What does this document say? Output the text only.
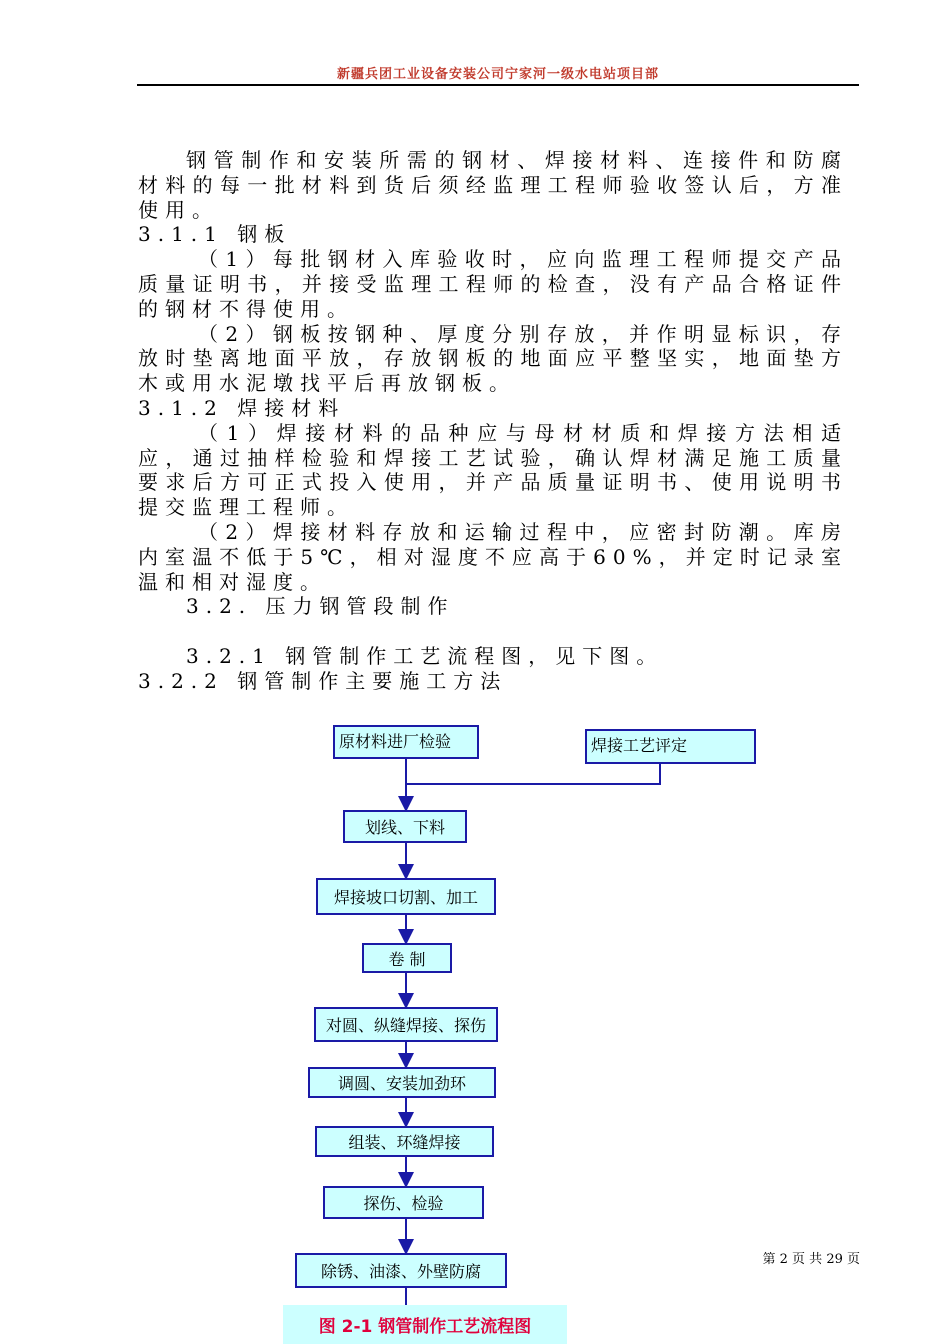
新疆兵团工业设备安装公司宁家河一级水电站项目部

钢管制作和安装所需的钢材、焊接材料、连接件和防腐材料的每一批材料到货后须经监理工程师验收签认后，方准使用。

3.1.1 钢板

（1）每批钢材入库验收时，应向监理工程师提交产品质量证明书，并接受监理工程师的检查，没有产品合格证件的钢材不得使用。

（2）钢板按钢种、厚度分别存放，并作明显标识，存放时垫离地面平放，存放钢板的地面应平整坚实，地面垫方木或用水泥墩找平后再放钢板。

3.1.2 焊接材料

（1）焊接材料的品种应与母材材质和焊接方法相适应，通过抽样检验和焊接工艺试验，确认焊材满足施工质量要求后方可正式投入使用，并产品质量证明书、使用说明书提交监理工程师。

（2）焊接材料存放和运输过程中，应密封防潮。库房内室温不低于5℃，相对湿度不应高于60%，并定时记录室温和相对湿度。

3.2. 压力钢管段制作

3.2.1 钢管制作工艺流程图，见下图。

3.2.2 钢管制作主要施工方法

原材料进厂检验	焊接工艺评定
划线、下料
焊接坡口切割、加工
卷 制
对圆、纵缝焊接、探伤
调圆、安装加劲环
组装、环缝焊接
探伤、检验
除锈、油漆、外壁防腐
第 2 页 共 29 页
图 2-1 钢管制作工艺流程图
